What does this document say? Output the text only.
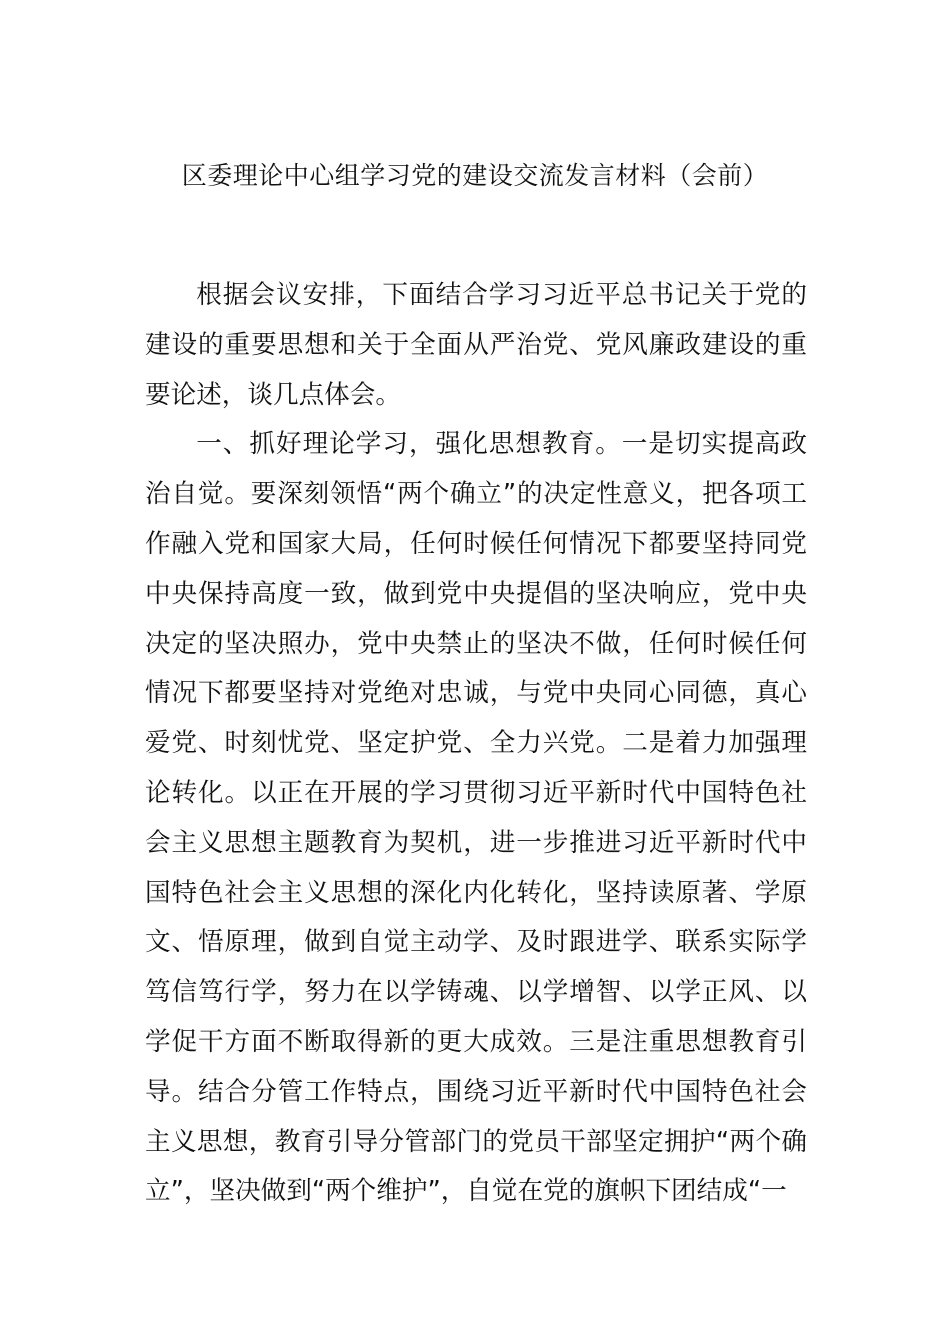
区委理论中心组学习党的建设交流发言材料（会前）

根据会议安排，下面结合学习习近平总书记关于党的建设的重要思想和关于全面从严治党、党风廉政建设的重要论述，谈几点体会。

一、抓好理论学习，强化思想教育。一是切实提高政治自觉。要深刻领悟“两个确立”的决定性意义，把各项工作融入党和国家大局，任何时候任何情况下都要坚持同党中央保持高度一致，做到党中央提倡的坚决响应，党中央决定的坚决照办，党中央禁止的坚决不做，任何时候任何情况下都要坚持对党绝对忠诚，与党中央同心同德，真心爱党、时刻忧党、坚定护党、全力兴党。二是着力加强理论转化。以正在开展的学习贯彻习近平新时代中国特色社会主义思想主题教育为契机，进一步推进习近平新时代中国特色社会主义思想的深化内化转化，坚持读原著、学原文、悟原理，做到自觉主动学、及时跟进学、联系实际学笃信笃行学，努力在以学铸魂、以学增智、以学正风、以学促干方面不断取得新的更大成效。三是注重思想教育引导。结合分管工作特点，围绕习近平新时代中国特色社会主义思想，教育引导分管部门的党员干部坚定拥护“两个确立”，坚决做到“两个维护”，自觉在党的旗帜下团结成“一
